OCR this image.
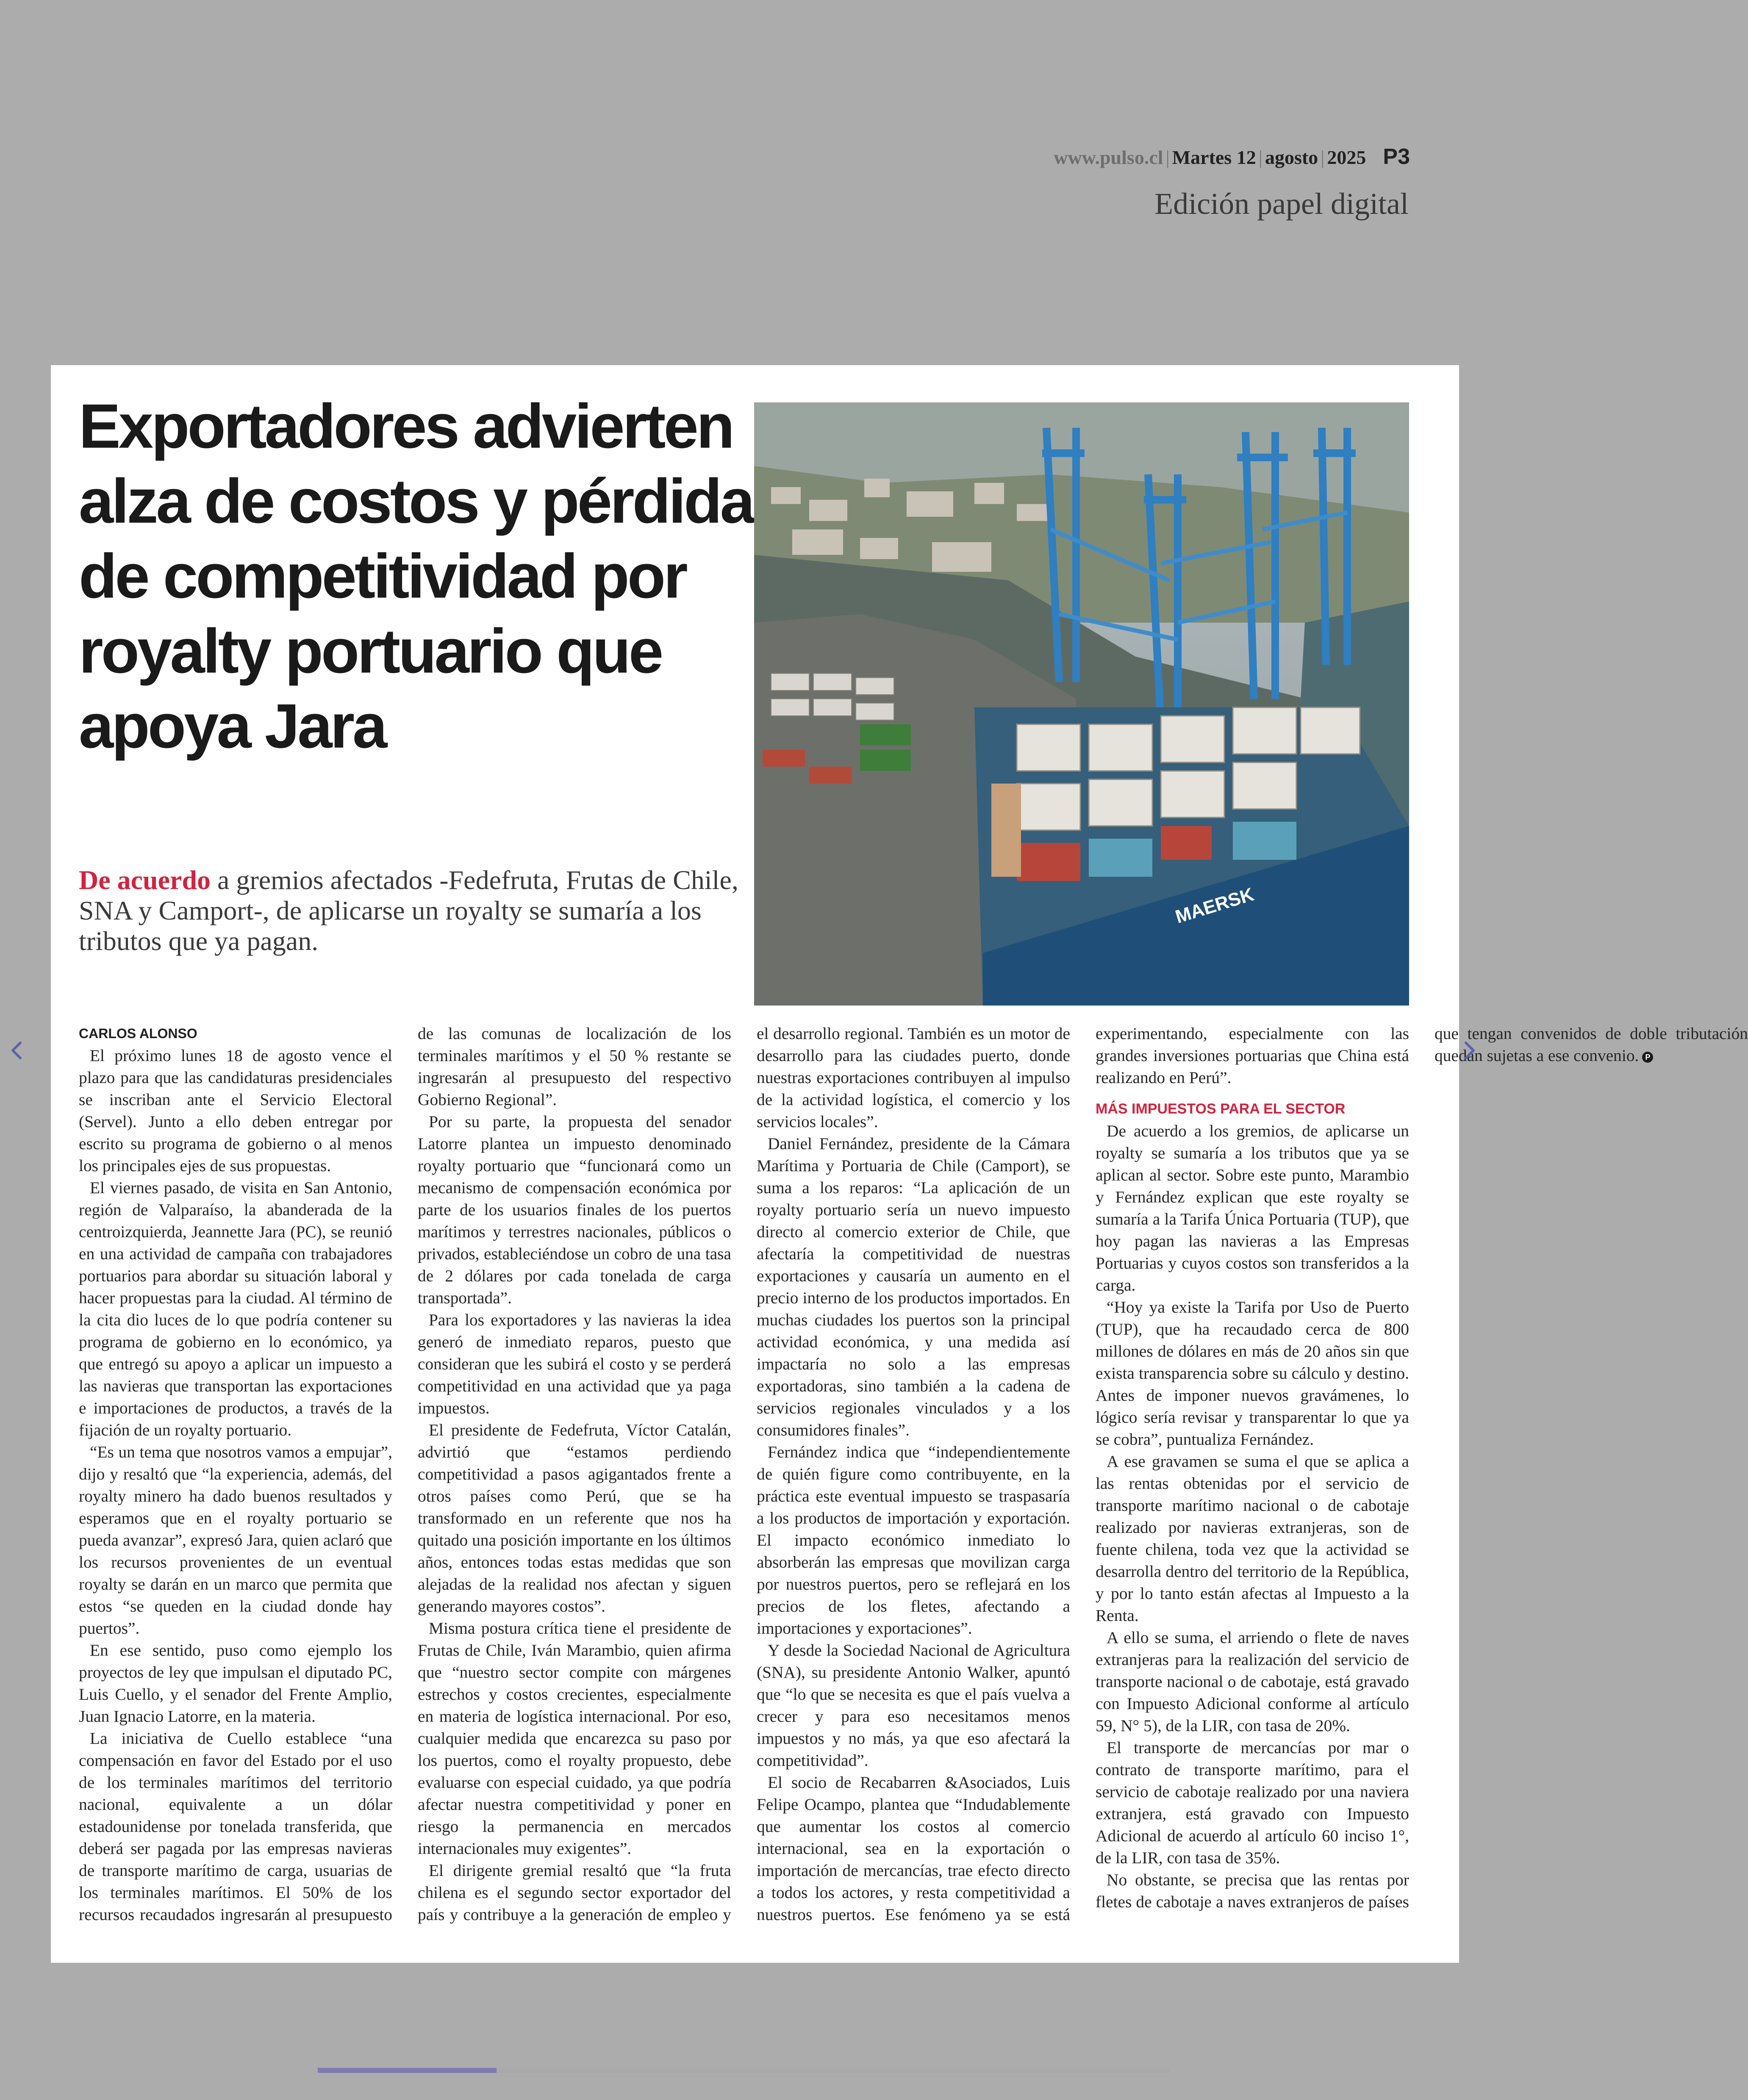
www.pulso.cl | Martes 12 | agosto | 2025 P3
Edición papel digital
Exportadores advierten alza de costos y pérdida de competitividad por royalty portuario que apoya Jara

De acuerdo a gremios afectados -Fedefruta, Frutas de Chile, SNA y Camport-, de aplicarse un royalty se sumaría a los tributos que ya pagan.

MAERSK
CARLOS ALONSO

El próximo lunes 18 de agosto vence el plazo para que las candidaturas presidenciales se inscriban ante el Servicio Electoral (Servel). Junto a ello deben entregar por escrito su programa de gobierno o al menos los principales ejes de sus propuestas.

El viernes pasado, de visita en San Antonio, región de Valparaíso, la abanderada de la centroizquierda, Jeannette Jara (PC), se reunió en una actividad de campaña con trabajadores portuarios para abordar su situación laboral y hacer propuestas para la ciudad. Al término de la cita dio luces de lo que podría contener su programa de gobierno en lo económico, ya que entregó su apoyo a aplicar un impuesto a las navieras que transportan las exportaciones e importaciones de productos, a través de la fijación de un royalty portuario.

“Es un tema que nosotros vamos a empujar”, dijo y resaltó que “la experiencia, además, del royalty minero ha dado buenos resultados y esperamos que en el royalty portuario se pueda avanzar”, expresó Jara, quien aclaró que los recursos provenientes de un eventual royalty se darán en un marco que permita que estos “se queden en la ciudad donde hay puertos”.

En ese sentido, puso como ejemplo los proyectos de ley que impulsan el diputado PC, Luis Cuello, y el senador del Frente Amplio, Juan Ignacio Latorre, en la materia.

La iniciativa de Cuello establece “una compensación en favor del Estado por el uso de los terminales marítimos del territorio nacional, equivalente a un dólar estadounidense por tonelada transferida, que deberá ser pagada por las empresas navieras de transporte marítimo de carga, usuarias de los terminales marítimos. El 50% de los recursos recaudados ingresarán al presupuesto de las comunas de localización de los terminales marítimos y el 50 % restante se ingresarán al presupuesto del respectivo Gobierno Regional”.

Por su parte, la propuesta del senador Latorre plantea un impuesto denominado royalty portuario que “funcionará como un mecanismo de compensación económica por parte de los usuarios finales de los puertos marítimos y terrestres nacionales, públicos o privados, estableciéndose un cobro de una tasa de 2 dólares por cada tonelada de carga transportada”.

Para los exportadores y las navieras la idea generó de inmediato reparos, puesto que consideran que les subirá el costo y se perderá competitividad en una actividad que ya paga impuestos.

El presidente de Fedefruta, Víctor Catalán, advirtió que “estamos perdiendo competitividad a pasos agigantados frente a otros países como Perú, que se ha transformado en un referente que nos ha quitado una posición importante en los últimos años, entonces todas estas medidas que son alejadas de la realidad nos afectan y siguen generando mayores costos”.

Misma postura crítica tiene el presidente de Frutas de Chile, Iván Marambio, quien afirma que “nuestro sector compite con márgenes estrechos y costos crecientes, especialmente en materia de logística internacional. Por eso, cualquier medida que encarezca su paso por los puertos, como el royalty propuesto, debe evaluarse con especial cuidado, ya que podría afectar nuestra competitividad y poner en riesgo la permanencia en mercados internacionales muy exigentes”.

El dirigente gremial resaltó que “la fruta chilena es el segundo sector exportador del país y contribuye a la generación de empleo y el desarrollo regional. También es un motor de desarrollo para las ciudades puerto, donde nuestras exportaciones contribuyen al impulso de la actividad logística, el comercio y los servicios locales”.

Daniel Fernández, presidente de la Cámara Marítima y Portuaria de Chile (Camport), se suma a los reparos: “La aplicación de un royalty portuario sería un nuevo impuesto directo al comercio exterior de Chile, que afectaría la competitividad de nuestras exportaciones y causaría un aumento en el precio interno de los productos importados. En muchas ciudades los puertos son la principal actividad económica, y una medida así impactaría no solo a las empresas exportadoras, sino también a la cadena de servicios regionales vinculados y a los consumidores finales”.

Fernández indica que “independientemente de quién figure como contribuyente, en la práctica este eventual impuesto se traspasaría a los productos de importación y exportación. El impacto económico inmediato lo absorberán las empresas que movilizan carga por nuestros puertos, pero se reflejará en los precios de los fletes, afectando a importaciones y exportaciones”.

Y desde la Sociedad Nacional de Agricultura (SNA), su presidente Antonio Walker, apuntó que “lo que se necesita es que el país vuelva a crecer y para eso necesitamos menos impuestos y no más, ya que eso afectará la competitividad”.

El socio de Recabarren &Asociados, Luis Felipe Ocampo, plantea que “Indudablemente que aumentar los costos al comercio internacional, sea en la exportación o importación de mercancías, trae efecto directo a todos los actores, y resta competitividad a nuestros puertos. Ese fenómeno ya se está experimentando, especialmente con las grandes inversiones portuarias que China está realizando en Perú”.

MÁS IMPUESTOS PARA EL SECTOR

De acuerdo a los gremios, de aplicarse un royalty se sumaría a los tributos que ya se aplican al sector. Sobre este punto, Marambio y Fernández explican que este royalty se sumaría a la Tarifa Única Portuaria (TUP), que hoy pagan las navieras a las Empresas Portuarias y cuyos costos son transferidos a la carga.

“Hoy ya existe la Tarifa por Uso de Puerto (TUP), que ha recaudado cerca de 800 millones de dólares en más de 20 años sin que exista transparencia sobre su cálculo y destino. Antes de imponer nuevos gravámenes, lo lógico sería revisar y transparentar lo que ya se cobra”, puntualiza Fernández.

A ese gravamen se suma el que se aplica a las rentas obtenidas por el servicio de transporte marítimo nacional o de cabotaje realizado por navieras extranjeras, son de fuente chilena, toda vez que la actividad se desarrolla dentro del territorio de la República, y por lo tanto están afectas al Impuesto a la Renta.

A ello se suma, el arriendo o flete de naves extranjeras para la realización del servicio de transporte nacional o de cabotaje, está gravado con Impuesto Adicional conforme al artículo 59, N° 5), de la LIR, con tasa de 20%.

El transporte de mercancías por mar o contrato de transporte marítimo, para el servicio de cabotaje realizado por una naviera extranjera, está gravado con Impuesto Adicional de acuerdo al artículo 60 inciso 1°, de la LIR, con tasa de 35%.

No obstante, se precisa que las rentas por fletes de cabotaje a naves extranjeros de países que tengan convenidos de doble tributación quedan sujetas a ese convenio. P
